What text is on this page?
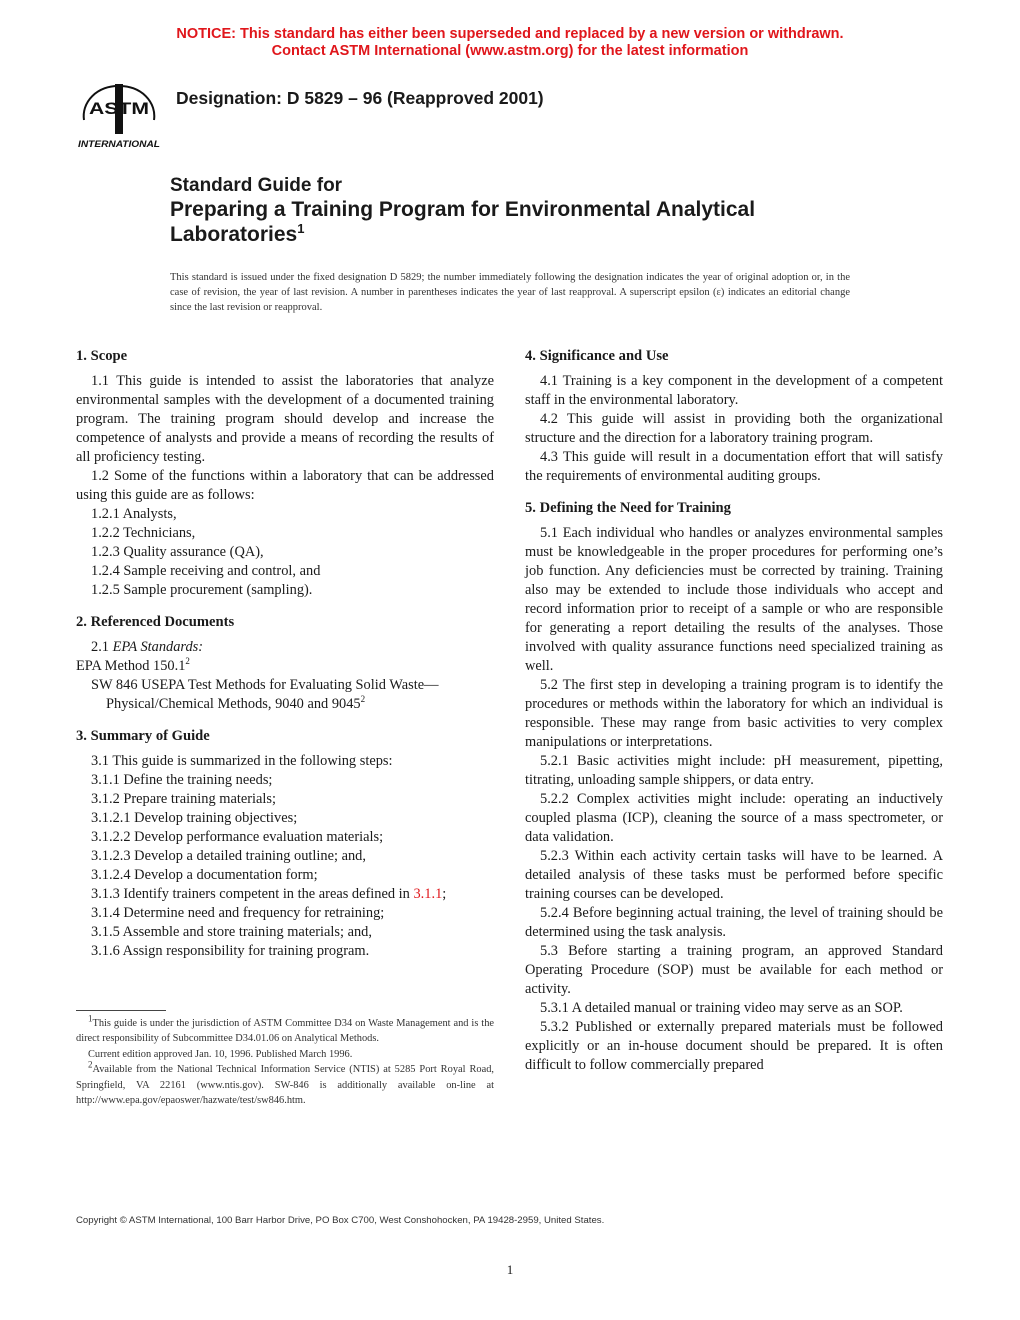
NOTICE: This standard has either been superseded and replaced by a new version or withdrawn.
Contact ASTM International (www.astm.org) for the latest information
ASTM
INTERNATIONAL
Designation: D 5829 – 96 (Reapproved 2001)
Standard Guide for
Preparing a Training Program for Environmental Analytical Laboratories$^1$
This standard is issued under the fixed designation D 5829; the number immediately following the designation indicates the year of original adoption or, in the case of revision, the year of last revision. A number in parentheses indicates the year of last reapproval. A superscript epsilon (ε) indicates an editorial change since the last revision or reapproval.
1. Scope

1.1 This guide is intended to assist the laboratories that analyze environmental samples with the development of a documented training program. The training program should develop and increase the competence of analysts and provide a means of recording the results of all proficiency testing.

1.2 Some of the functions within a laboratory that can be addressed using this guide are as follows:

1.2.1 Analysts,

1.2.2 Technicians,

1.2.3 Quality assurance (QA),

1.2.4 Sample receiving and control, and

1.2.5 Sample procurement (sampling).

2. Referenced Documents

2.1 EPA Standards:

EPA Method 150.1$^2$

SW 846 USEPA Test Methods for Evaluating Solid Waste—Physical/Chemical Methods, 9040 and 9045$^2$

3. Summary of Guide

3.1 This guide is summarized in the following steps:

3.1.1 Define the training needs;

3.1.2 Prepare training materials;

3.1.2.1 Develop training objectives;

3.1.2.2 Develop performance evaluation materials;

3.1.2.3 Develop a detailed training outline; and,

3.1.2.4 Develop a documentation form;

3.1.3 Identify trainers competent in the areas defined in 3.1.1;

3.1.4 Determine need and frequency for retraining;

3.1.5 Assemble and store training materials; and,

3.1.6 Assign responsibility for training program.

$^1$This guide is under the jurisdiction of ASTM Committee D34 on Waste Management and is the direct responsibility of Subcommittee D34.01.06 on Analytical Methods.

Current edition approved Jan. 10, 1996. Published March 1996.

$^2$Available from the National Technical Information Service (NTIS) at 5285 Port Royal Road, Springfield, VA 22161 (www.ntis.gov). SW-846 is additionally available on-line at http://www.epa.gov/epaoswer/hazwate/test/sw846.htm.

4. Significance and Use

4.1 Training is a key component in the development of a competent staff in the environmental laboratory.

4.2 This guide will assist in providing both the organizational structure and the direction for a laboratory training program.

4.3 This guide will result in a documentation effort that will satisfy the requirements of environmental auditing groups.

5. Defining the Need for Training

5.1 Each individual who handles or analyzes environmental samples must be knowledgeable in the proper procedures for performing one’s job function. Any deficiencies must be corrected by training. Training also may be extended to include those individuals who accept and record information prior to receipt of a sample or who are responsible for generating a report detailing the results of the analyses. Those involved with quality assurance functions need specialized training as well.

5.2 The first step in developing a training program is to identify the procedures or methods within the laboratory for which an individual is responsible. These may range from basic activities to very complex manipulations or interpretations.

5.2.1 Basic activities might include: pH measurement, pipetting, titrating, unloading sample shippers, or data entry.

5.2.2 Complex activities might include: operating an inductively coupled plasma (ICP), cleaning the source of a mass spectrometer, or data validation.

5.2.3 Within each activity certain tasks will have to be learned. A detailed analysis of these tasks must be performed before specific training courses can be developed.

5.2.4 Before beginning actual training, the level of training should be determined using the task analysis.

5.3 Before starting a training program, an approved Standard Operating Procedure (SOP) must be available for each method or activity.

5.3.1 A detailed manual or training video may serve as an SOP.

5.3.2 Published or externally prepared materials must be followed explicitly or an in-house document should be prepared. It is often difficult to follow commercially prepared

Copyright © ASTM International, 100 Barr Harbor Drive, PO Box C700, West Conshohocken, PA 19428-2959, United States.
1
